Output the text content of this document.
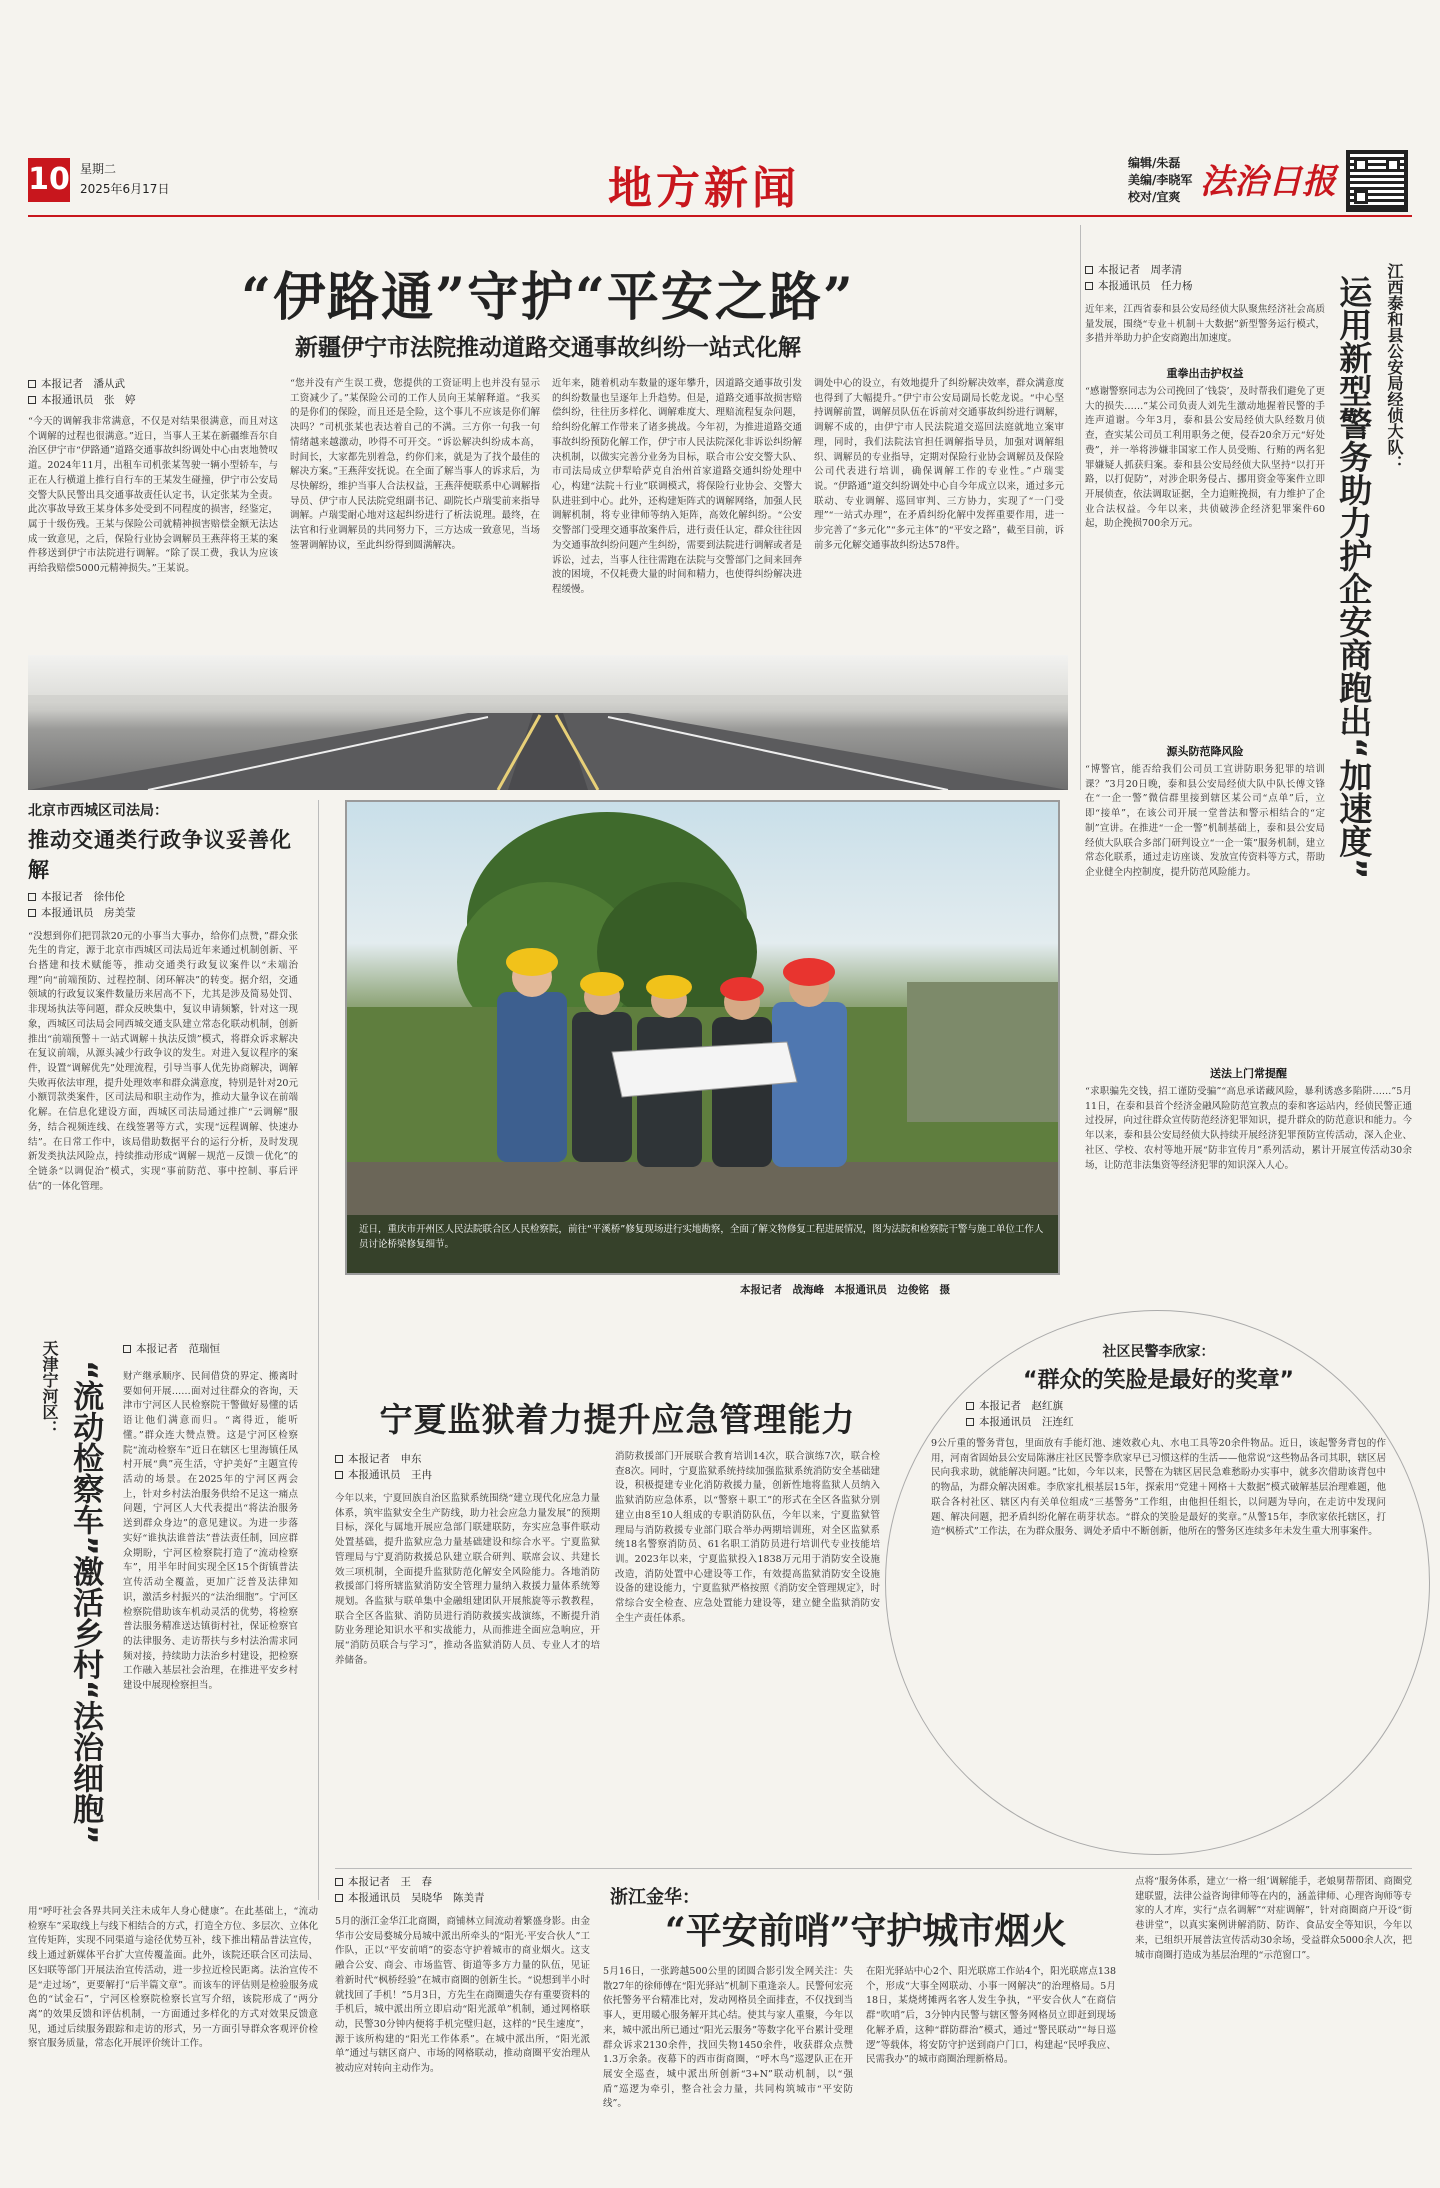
10 星期二
2025年6月17日	地方新闻	编辑/朱磊
美编/李晓军
校对/宜爽 法治日报
“伊路通”守护“平安之路”
新疆伊宁市法院推动道路交通事故纠纷一站式化解
本报记者　潘从武
本报通讯员　张　婷
“今天的调解我非常满意，不仅是对结果很满意，而且对这个调解的过程也很满意。”近日，当事人王某在新疆维吾尔自治区伊宁市“伊路通”道路交通事故纠纷调处中心由衷地赞叹道。2024年11月，出租车司机张某驾驶一辆小型轿车，与正在人行横道上推行自行车的王某发生碰撞，伊宁市公安局交警大队民警出具交通事故责任认定书，认定张某为全责。此次事故导致王某身体多处受到不同程度的损害，经鉴定，属于十级伤残。王某与保险公司就精神损害赔偿金额无法达成一致意见，之后，保险行业协会调解员王燕萍将王某的案件移送到伊宁市法院进行调解。“除了误工费，我认为应该再给我赔偿5000元精神损失。”王某说。
“您并没有产生误工费，您提供的工资证明上也并没有显示工资减少了。”某保险公司的工作人员向王某解释道。“我买的是你们的保险，而且还是全险，这个事儿不应该是你们解决吗？”司机张某也表达着自己的不满。三方你一句我一句情绪越来越激动，吵得不可开交。“诉讼解决纠纷成本高，时间长，大家都先别着急，约你们来，就是为了找个最佳的解决方案。”王燕萍安抚说。在全面了解当事人的诉求后，为尽快解纷，维护当事人合法权益，王燕萍便联系中心调解指导员、伊宁市人民法院党组副书记、副院长卢瑞雯前来指导调解。卢瑞雯耐心地对这起纠纷进行了析法说理。最终，在法官和行业调解员的共同努力下，三方达成一致意见，当场签署调解协议，至此纠纷得到圆满解决。
近年来，随着机动车数量的逐年攀升，因道路交通事故引发的纠纷数量也呈逐年上升趋势。但是，道路交通事故损害赔偿纠纷，往往历多样化、调解难度大、理赔流程复杂问题，给纠纷化解工作带来了诸多挑战。今年初，为推进道路交通事故纠纷预防化解工作，伊宁市人民法院深化非诉讼纠纷解决机制，以做实完善分业务为目标，联合市公安交警大队、市司法局成立伊犁哈萨克自治州首家道路交通纠纷处理中心，构建“法院＋行业”联调模式，将保险行业协会、交警大队进驻到中心。此外，还构建矩阵式的调解网络，加强人民调解机制，将专业律师等纳入矩阵，高效化解纠纷。“公安交警部门受理交通事故案件后，进行责任认定，群众往往因为交通事故纠纷问题产生纠纷，需要到法院进行调解或者是诉讼，过去，当事人往往需跑在法院与交警部门之间来回奔波的困境，不仅耗费大量的时间和精力，也使得纠纷解决进程缓慢。
调处中心的设立，有效地提升了纠纷解决效率，群众满意度也得到了大幅提升。”伊宁市公安局副局长乾龙说。“中心坚持调解前置，调解员队伍在诉前对交通事故纠纷进行调解，调解不成的，由伊宁市人民法院道交巡回法庭就地立案审理，同时，我们法院法官担任调解指导员，加强对调解组织、调解员的专业指导，定期对保险行业协会调解员及保险公司代表进行培训，确保调解工作的专业性。”卢瑞雯说。“伊路通”道交纠纷调处中心自今年成立以来，通过多元联动、专业调解、巡回审判、三方协力，实现了“一门受理”“一站式办理”，在矛盾纠纷化解中发挥重要作用，进一步完善了“多元化”“多元主体”的“平安之路”，截至目前，诉前多元化解交通事故纠纷达578件。
北京市西城区司法局：
推动交通类行政争议妥善化解
本报记者　徐伟伦
本报通讯员　房美莹
“没想到你们把罚款20元的小事当大事办，给你们点赞，”群众张先生的肯定，源于北京市西城区司法局近年来通过机制创新、平台搭建和技术赋能等，推动交通类行政复议案件以“未端治理”向“前端预防、过程控制、闭环解决”的转变。据介绍，交通领域的行政复议案件数量历来居高不下，尤其是涉及简易处罚、非现场执法等问题，群众反映集中，复议申请频繁，针对这一现象，西城区司法局会同西城交通支队建立常态化联动机制，创新推出“前端预警＋一站式调解＋执法反馈”模式，将群众诉求解决在复议前端，从源头减少行政争议的发生。对进入复议程序的案件，设置“调解优先”处理流程，引导当事人优先协商解决，调解失败再依法审理，提升处理效率和群众满意度，特别是针对20元小额罚款类案件，区司法局和职主动作为，推动大量争议在前端化解。在信息化建设方面，西城区司法局通过推广“云调解”服务，结合视频连线、在线签署等方式，实现“远程调解、快速办结”。在日常工作中，该局借助数据平台的运行分析，及时发现新发类执法风险点，持续推动形成“调解－规范－反馈－优化”的全链条“以调促治”模式，实现“事前防范、事中控制、事后评估”的一体化管理。
近日，重庆市开州区人民法院联合区人民检察院，前往“平溪桥”修复现场进行实地勘察，全面了解文物修复工程进展情况，图为法院和检察院干警与施工单位工作人员讨论桥梁修复细节。
本报记者　战海峰　本报通讯员　边俊铭　摄
天津宁河区： “流动检察车”激活乡村“法治细胞”
本报记者　范瑞恒
财产继承顺序、民间借贷的界定、搬离时要如何开展……面对过往群众的咨询，天津市宁河区人民检察院干警做好易懂的话语让他们满意而归。“离得近，能听懂。”群众连大赞点赞。这是宁河区检察院“流动检察车”近日在辖区七里海镇任凤村开展“典”亮生活，守护美好”主题宣传活动的场景。在2025年的宁河区两会上，针对乡村法治服务供给不足这一痛点问题，宁河区人大代表提出“将法治服务送到群众身边”的意见建议。为进一步落实好“谁执法谁普法”普法责任制，回应群众期盼，宁河区检察院打造了“流动检察车”，用半年时间实现全区15个街镇普法宣传活动全覆盖，更加广泛普及法律知识，激活乡村振兴的“法治细胞”。宁河区检察院借助该车机动灵活的优势，将检察普法服务精准送达镇街村社，保证检察官的法律服务、走访帮扶与乡村法治需求同频对接，持续助力法治乡村建设，把检察工作融入基层社会治理，在推进平安乡村建设中展现检察担当。
用“呼吁社会各界共同关注未成年人身心健康”。在此基础上，“流动检察车”采取线上与线下相结合的方式，打造全方位、多层次、立体化宣传矩阵，实现不同渠道与途径优势互补，线下推出精品普法宣传，线上通过新媒体平台扩大宣传覆盖面。此外，该院还联合区司法局、区妇联等部门开展法治宣传活动，进一步拉近检民距离。法治宣传不是“走过场”，更要解打“后半篇文章”。而该车的评估则是检验服务成色的“试金石”，宁河区检察院检察长宣写介绍，该院形成了“两分离”的效果反馈和评估机制，一方面通过多样化的方式对效果反馈意见，通过后续服务跟踪和走访的形式，另一方面引导群众客观评价检察官服务质量，常态化开展评价统计工作。
宁夏监狱着力提升应急管理能力
本报记者　申东
本报通讯员　王冉
今年以来，宁夏回族自治区监狱系统围绕“建立现代化应急力量体系，筑牢监狱安全生产防线，助力社会应急力量发展”的预期目标，深化与属地开展应急部门联建联防，夯实应急事件联动处置基础，提升监狱应急力量基础建设和综合水平。宁夏监狱管理局与宁夏消防救援总队建立联合研判、联席会议、共建长效三项机制，全面提升监狱防范化解安全风险能力。各地消防救援部门将所辖监狱消防安全管理力量纳入救援力量体系统筹规划。各监狱与联单集中金融组建团队开展熊旋等示教教程，联合全区各监狱、消防员进行消防救援实战演练，不断提升消防业务理论知识水平和实战能力，从而推进全面应急响应，开展“消防员联合与学习”，推动各监狱消防人员、专业人才的培养储备。
消防救援部门开展联合教育培训14次，联合演练7次，联合检查8次。同时，宁夏监狱系统持续加强监狱系统消防安全基础建设，积极提建专业化消防救援力量，创新性地将监狱人员纳入监狱消防应急体系，以“警察＋职工”的形式在全区各监狱分别建立由8至10人组成的专职消防队伍，今年以来，宁夏监狱管理局与消防救援专业部门联合举办两期培训班，对全区监狱系统18名警察消防员、61名职工消防员进行培训代专业技能培训。2023年以来，宁夏监狱投入1838万元用于消防安全设施改造，消防处置中心建设等工作，有效提高监狱消防安全设施设备的建设能力，宁夏监狱严格按照《消防安全管理规定》，时常综合安全检查、应急处置能力建设等，建立健全监狱消防安全生产责任体系。
本报记者　周孝清
本报通讯员　任力杨	江西泰和县公安局经侦大队：
运用新型警务助力护企安商跑出“加速度”
近年来，江西省泰和县公安局经侦大队聚焦经济社会高质量发展，围绕“专业＋机制＋大数据”新型警务运行模式，多措并举助力护企安商跑出加速度。
重拳出击护权益
“感谢警察同志为公司挽回了‘钱袋’，及时帮我们避免了更大的损失……”某公司负责人刘先生激动地握着民警的手连声道谢。今年3月，泰和县公安局经侦大队经数月侦查，查实某公司员工利用职务之便，侵吞20余万元“好处费”，并一举将涉嫌非国家工作人员受贿、行贿的两名犯罪嫌疑人抓获归案。泰和县公安局经侦大队坚持“以打开路，以打促防”，对涉企职务侵占、挪用资金等案件立即开展侦查，依法调取证据，全力追赃挽损，有力维护了企业合法权益。今年以来，共侦破涉企经济犯罪案件60起，助企挽损700余万元。
源头防范降风险
“博警官，能否给我们公司员工宣讲防职务犯罪的培训课？”3月20日晚，泰和县公安局经侦大队中队长傅文锋在“一企一警”微信群里接到辖区某公司“点单”后，立即“接单”，在该公司开展一堂普法和警示相结合的“定制”宣讲。在推进“一企一警”机制基础上，泰和县公安局经侦大队联合多部门研判设立“一企一策”服务机制，建立常态化联系，通过走访座谈、发放宣传资料等方式，帮助企业健全内控制度，提升防范风险能力。
送法上门常提醒
“求职骗先交钱，招工谨防受骗”“高息承诺藏风险，暴利诱惑多陷阱……”5月11日，在泰和县首个经济金融风险防范宣教点的泰和客运站内，经侦民警正通过投屏，向过往群众宣传防范经济犯罪知识，提升群众的防范意识和能力。今年以来，泰和县公安局经侦大队持续开展经济犯罪预防宣传活动，深入企业、社区、学校、农村等地开展“防非宣传月”系列活动，累计开展宣传活动30余场，让防范非法集资等经济犯罪的知识深入人心。
社区民警李欣家：
“群众的笑脸是最好的奖章”
本报记者　赵红旗
本报通讯员　汪连红
9公斤重的警务背包，里面放有手能灯池、速效救心丸、水电工具等20余件物品。近日，该起警务背包的作用，河南省固始县公安局陈淋庄社区民警李欣家早已习惯这样的生活——他常说“这些物品各司其职，辖区居民向我求助，就能解决问题。”比如，今年以来，民警在为辖区居民急难愁盼办实事中，就多次借助该背包中的物品，为群众解决困难。李欣家扎根基层15年，探索用“党建＋网格＋大数据”模式破解基层治理难题，他联合各村社区、辖区内有关单位组成“三基警务”工作组，由他担任组长，以问题为导向，在走访中发现问题、解决问题，把矛盾纠纷化解在萌芽状态。“群众的笑脸是最好的奖章。”从警15年，李欣家依托辖区，打造“枫桥式”工作法，在为群众服务、调处矛盾中不断创新，他所在的警务区连续多年未发生重大刑事案件。
本报记者　王　春
本报通讯员　吴晓华　陈美青	浙江金华：
“平安前哨”守护城市烟火
5月的浙江金华江北商圈，商铺林立间流动着繁盛身影。由金华市公安局婺城分局城中派出所牵头的“阳光·平安合伙人”工作队，正以“平安前哨”的姿态守护着城市的商业烟火。这支融合公安、商会、市场监管、街道等多方力量的队伍，见证着新时代“枫桥经验”在城市商圈的创新生长。“说想到半小时就找回了手机！”5月3日，方先生在商圈遗失存有重要资料的手机后，城中派出所立即启动“阳光派单”机制，通过网格联动，民警30分钟内便将手机完璧归赵，这样的“民生速度”，源于该所构建的“阳光工作体系”。在城中派出所，“阳光派单”通过与辖区商户、市场的网格联动，推动商圈平安治理从被动应对转向主动作为。
5月16日，一张跨越500公里的团圆合影引发全网关注：失散27年的徐师傅在“阳光驿站”机制下重逢亲人。民警何宏亮依托警务平台精准比对，发动网格员全面排查，不仅找到当事人，更用暖心服务解开其心结。使其与家人重聚，今年以来，城中派出所已通过“阳光云服务”等数字化平台累计受理群众诉求2130余件，找回失物1450余件，收获群众点赞1.3万余条。夜幕下的西市街商圈，“呼木鸟”巡逻队正在开展安全巡查，城中派出所创新“3+N”联动机制，以“强盾”巡逻为牵引，整合社会力量，共同构筑城市“平安防线”。
在阳光驿站中心2个、阳光联席工作站4个，阳光联席点138个，形成“大事全网联动、小事一网解决”的治理格局。5月18日，某烧烤摊两名客人发生争执，“平安合伙人”在商信群“吹哨”后，3分钟内民警与辖区警务网格员立即赶到现场化解矛盾，这种“群防群治”模式，通过“警民联动”“每日巡逻”等载体，将安防守护送到商户门口，构建起“民呼我应、民需我办”的城市商圈治理新格局。
点将“服务体系，建立‘一格一组’调解能手，老娘舅帮帮团、商圈党建联盟，法律公益咨询律师等在内的，涵盖律师、心理咨询师等专家的人才库，实行“点名调解”“对症调解”，针对商圈商户开设“街巷讲堂”，以真实案例讲解消防、防诈、食品安全等知识，今年以来，已组织开展普法宣传活动30余场，受益群众5000余人次，把城市商圈打造成为基层治理的“示范窗口”。
